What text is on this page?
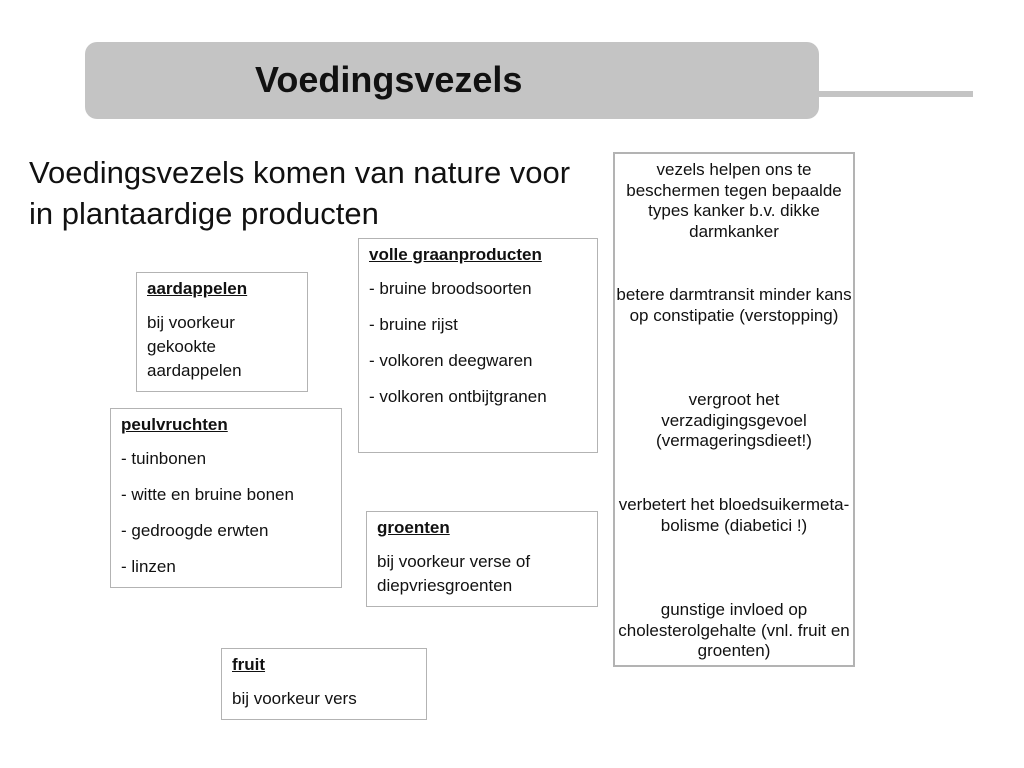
Voedingsvezels
Voedingsvezels komen van nature voor in plantaardige producten
aardappelen
bij voorkeur gekookte aardappelen
volle graanproducten
- bruine broodsoorten
- bruine rijst
- volkoren deegwaren
- volkoren ontbijtgranen
peulvruchten
- tuinbonen
- witte en bruine bonen
- gedroogde erwten
- linzen
groenten
bij voorkeur verse of diepvriesgroenten
fruit
bij voorkeur vers
vezels helpen ons te beschermen tegen bepaalde types kanker b.v. dikke darmkanker
betere darmtransit minder kans op constipatie (verstopping)
vergroot het verzadigingsgevoel (vermageringsdieet!)
verbetert het bloedsuikermeta-bolisme (diabetici !)
gunstige invloed op cholesterolgehalte (vnl. fruit en groenten)
